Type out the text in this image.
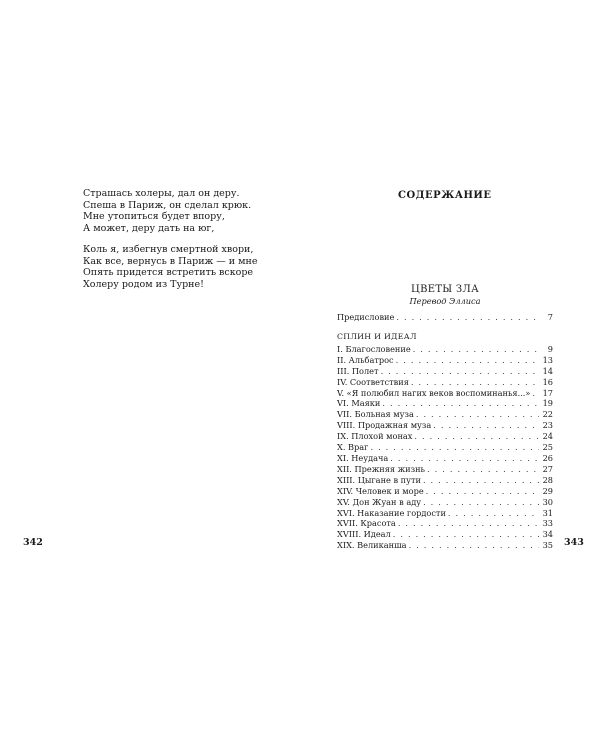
Страшась холеры, дал он деру.
Спеша в Париж, он сделал крюк.
Мне утопиться будет впору,
А может, деру дать на юг,
Коль я, избегнув смертной хвори,
Как все, вернусь в Париж — и мне
Опять придется встретить вскоре
Холеру родом из Турне!
342
СОДЕРЖАНИЕ
ЦВЕТЫ ЗЛА
Перевод Эллиса
Предисловие . . .	7
СПЛИН И ИДЕАЛ
I. Благословение . . .	9
II. Альбатрос . . .	13
III. Полет . . .	14
IV. Соответствия . . .	16
V. «Я полюбил нагих веков воспоминанья...» . . . 17
VI. Маяки . . .	19
VII. Больная муза . . .	22
VIII. Продажная муза . . .	23
IX. Плохой монах . . .	24
X. Враг . . .	25
XI. Неудача . . .	26
XII. Прежняя жизнь . . .	27
XIII. Цыгане в пути . . .	28
XIV. Человек и море . . .	29
XV. Дон Жуан в аду . . .	30
XVI. Наказание гордости . . .	31
XVII. Красота . . .	33
XVIII. Идеал . . .	34
XIX. Великанша . . .	35 343
